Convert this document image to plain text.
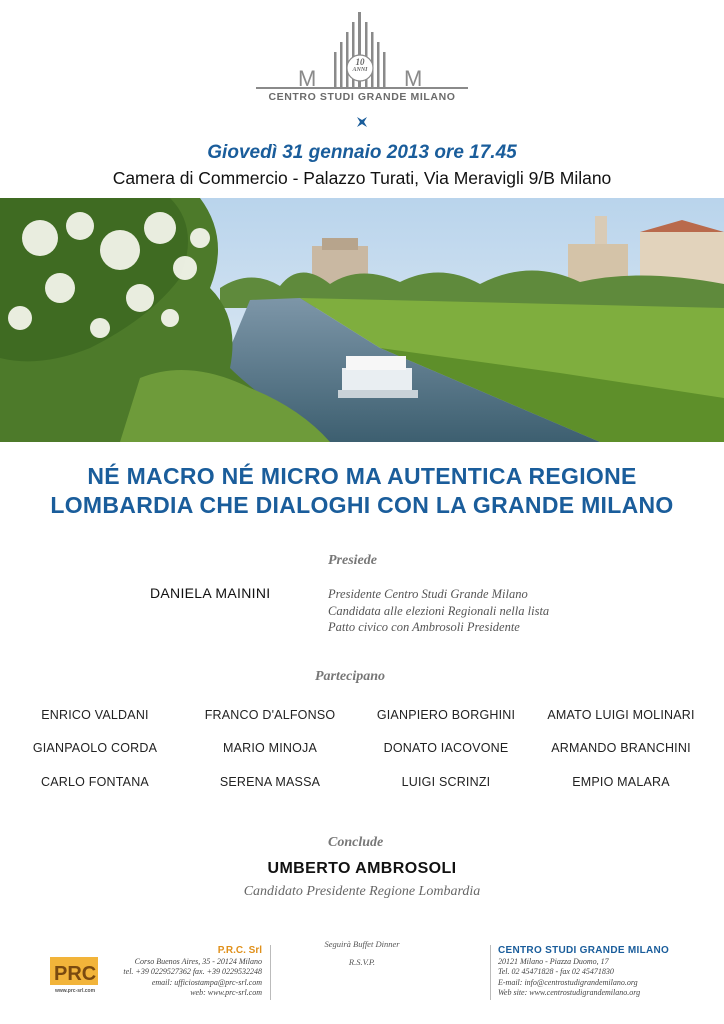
M	M
10
ANNI
CENTRO STUDI GRANDE MILANO
Giovedì 31 gennaio 2013 ore 17.45
Camera di Commercio - Palazzo Turati, Via Meravigli 9/B Milano
NÉ MACRO NÉ MICRO MA AUTENTICA REGIONE
LOMBARDIA CHE DIALOGHI CON LA GRANDE MILANO
Presiede
DANIELA MAININI	Presidente Centro Studi Grande Milano
Candidata alle elezioni Regionali nella lista
Patto civico con Ambrosoli Presidente
Partecipano
ENRICO VALDANI	FRANCO D'ALFONSO	GIANPIERO BORGHINI	AMATO LUIGI MOLINARI
GIANPAOLO CORDA	MARIO MINOJA	DONATO IACOVONE	ARMANDO BRANCHINI
CARLO FONTANA	SERENA MASSA	LUIGI SCRINZI	EMPIO MALARA
Conclude
UMBERTO AMBROSOLI
Candidato Presidente Regione Lombardia
PRC
www.prc-srl.com
P.R.C. Srl
Corso Buenos Aires, 35 - 20124 Milano
tel. +39 0229527362 fax. +39 0229532248
email: ufficiostampa@prc-srl.com
web: www.prc-srl.com
Seguirà Buffet Dinner
R.S.V.P.
CENTRO STUDI GRANDE MILANO
20121 Milano - Piazza Duomo, 17
Tel. 02 45471828 - fax 02 45471830
E-mail: info@centrostudigrandemilano.org
Web site: www.centrostudigrandemilano.org
